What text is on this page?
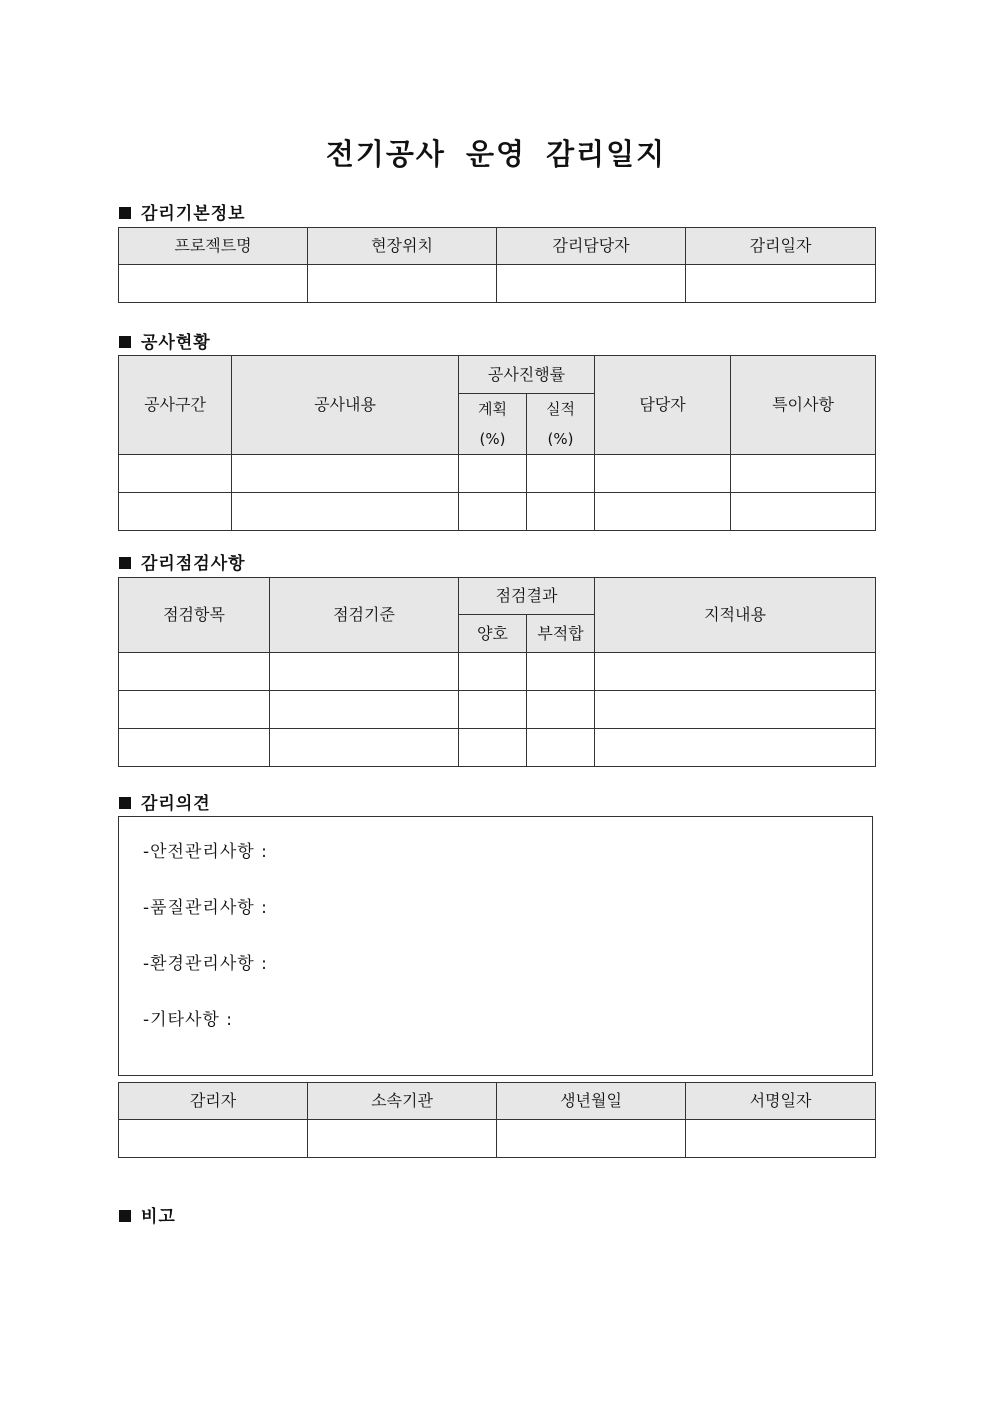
전기공사 운영 감리일지
감리기본정보
프로젝트명	현장위치	감리담당자	감리일자

공사현황
공사구간	공사내용	공사진행률		담당자	특이사항
		계획(%)	실적(%)		

감리점검사항
점검항목	점검기준	점검결과		지적내용
		양호	부적합	

감리의견
-안전관리사항 :
-품질관리사항 :
-환경관리사항 :
-기타사항 :
감리자	소속기관	생년월일	서명일자

비고
